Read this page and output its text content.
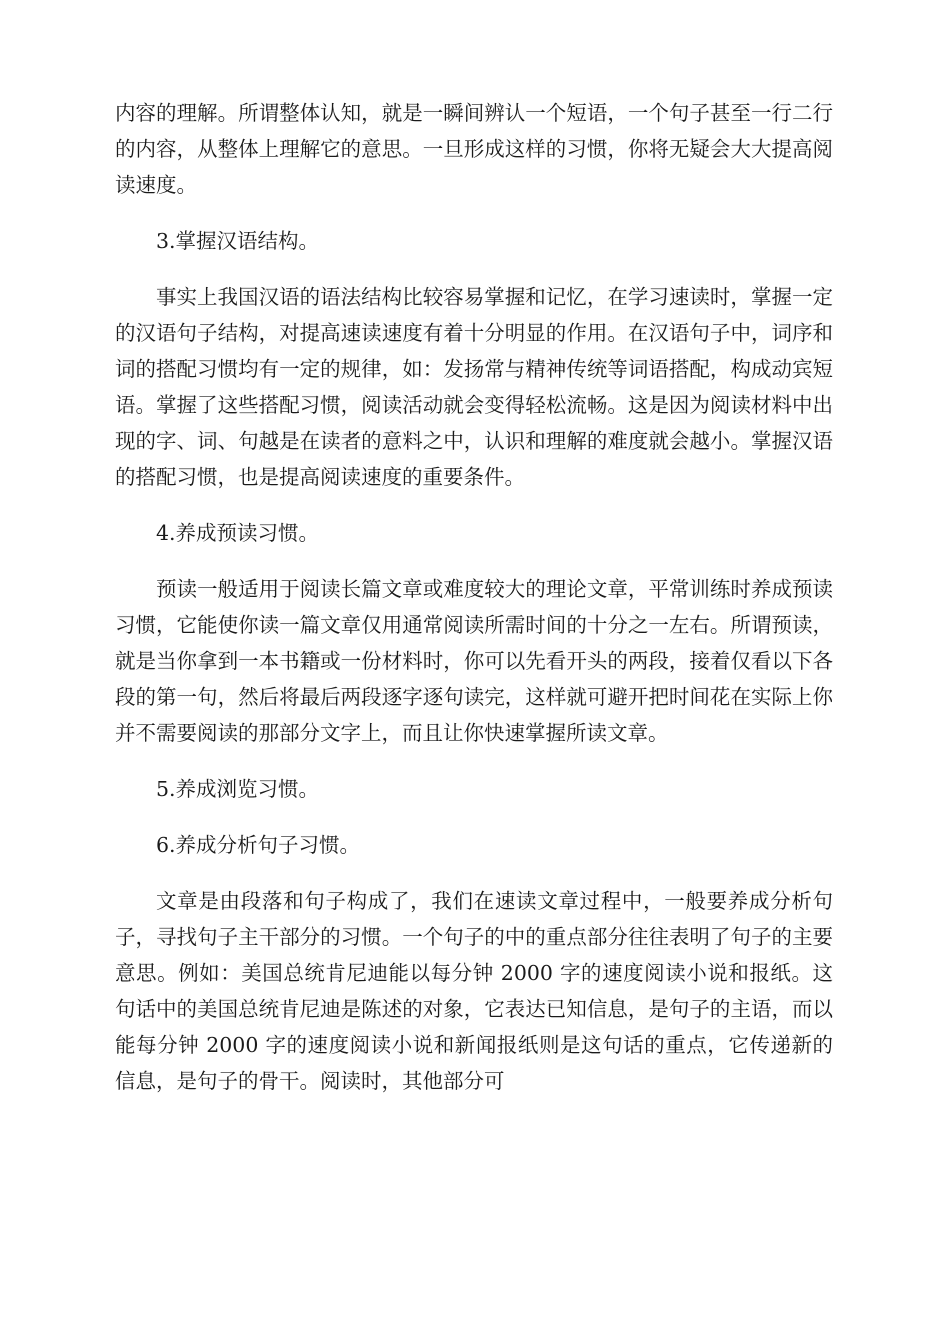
内容的理解。所谓整体认知，就是一瞬间辨认一个短语，一个句子甚至一行二行的内容，从整体上理解它的意思。一旦形成这样的习惯，你将无疑会大大提高阅读速度。

3.掌握汉语结构。

事实上我国汉语的语法结构比较容易掌握和记忆，在学习速读时，掌握一定的汉语句子结构，对提高速读速度有着十分明显的作用。在汉语句子中，词序和词的搭配习惯均有一定的规律，如：发扬常与精神传统等词语搭配，构成动宾短语。掌握了这些搭配习惯，阅读活动就会变得轻松流畅。这是因为阅读材料中出现的字、词、句越是在读者的意料之中，认识和理解的难度就会越小。掌握汉语的搭配习惯，也是提高阅读速度的重要条件。

4.养成预读习惯。

预读一般适用于阅读长篇文章或难度较大的理论文章，平常训练时养成预读习惯，它能使你读一篇文章仅用通常阅读所需时间的十分之一左右。所谓预读，就是当你拿到一本书籍或一份材料时，你可以先看开头的两段，接着仅看以下各段的第一句，然后将最后两段逐字逐句读完，这样就可避开把时间花在实际上你并不需要阅读的那部分文字上，而且让你快速掌握所读文章。

5.养成浏览习惯。

6.养成分析句子习惯。

文章是由段落和句子构成了，我们在速读文章过程中，一般要养成分析句子，寻找句子主干部分的习惯。一个句子的中的重点部分往往表明了句子的主要意思。例如：美国总统肯尼迪能以每分钟 2000 字的速度阅读小说和报纸。这句话中的美国总统肯尼迪是陈述的对象，它表达已知信息，是句子的主语，而以能每分钟 2000 字的速度阅读小说和新闻报纸则是这句话的重点，它传递新的信息，是句子的骨干。阅读时，其他部分可
